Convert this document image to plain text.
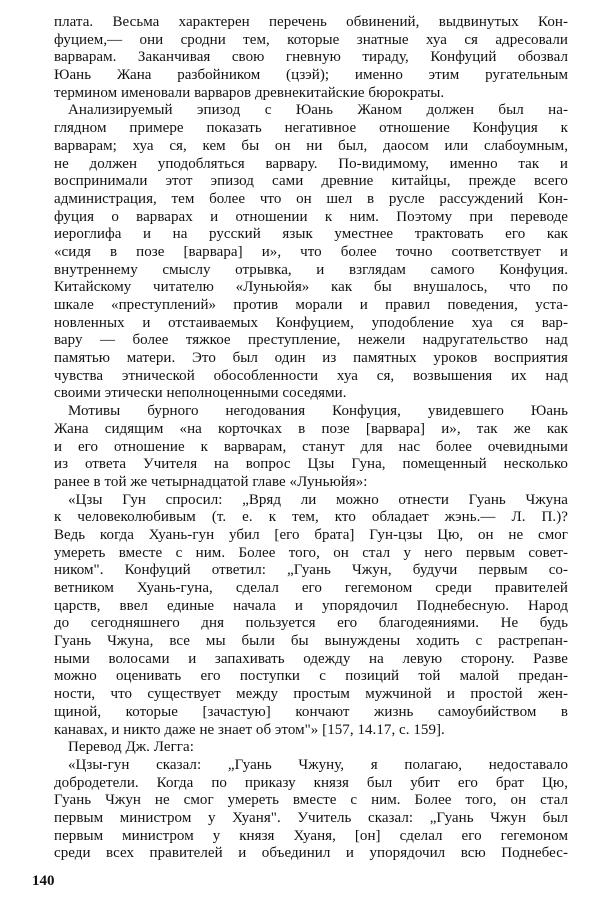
плата. Весьма характерен перечень обвинений, выдвинутых Кон-
фуцием,— они сродни тем, которые знатные хуа ся адресовали
варварам. Заканчивая свою гневную тираду, Конфуций обозвал
Юань Жана разбойником (цзэй); именно этим ругательным
термином именовали варваров древнекитайские бюрократы.
Анализируемый эпизод с Юань Жаном должен был на-
глядном примере показать негативное отношение Конфуция к
варварам; хуа ся, кем бы он ни был, даосом или слабоумным,
не должен уподобляться варвару. По-видимому, именно так и
воспринимали этот эпизод сами древние китайцы, прежде всего
администрация, тем более что он шел в русле рассуждений Кон-
фуция о варварах и отношении к ним. Поэтому при переводе
иероглифа и на русский язык уместнее трактовать его как
«сидя в позе [варвара] и», что более точно соответствует и
внутреннему смыслу отрывка, и взглядам самого Конфуция.
Китайскому читателю «Луньюйя» как бы внушалось, что по
шкале «преступлений» против морали и правил поведения, уста-
новленных и отстаиваемых Конфуцием, уподобление хуа ся вар-
вару — более тяжкое преступление, нежели надругательство над
памятью матери. Это был один из памятных уроков восприятия
чувства этнической обособленности хуа ся, возвышения их над
своими этически неполноценными соседями.
Мотивы бурного негодования Конфуция, увидевшего Юань
Жана сидящим «на корточках в позе [варвара] и», так же как
и его отношение к варварам, станут для нас более очевидными
из ответа Учителя на вопрос Цзы Гуна, помещенный несколько
ранее в той же четырнадцатой главе «Луньюйя»:
«Цзы Гун спросил: „Вряд ли можно отнести Гуань Чжуна
к человеколюбивым (т. е. к тем, кто обладает жэнь.— Л. П.)?
Ведь когда Хуань-гун убил [его брата] Гун-цзы Цю, он не смог
умереть вместе с ним. Более того, он стал у него первым совет-
ником". Конфуций ответил: „Гуань Чжун, будучи первым со-
ветником Хуань-гуна, сделал его гегемоном среди правителей
царств, ввел единые начала и упорядочил Поднебесную. Народ
до сегодняшнего дня пользуется его благодеяниями. Не будь
Гуань Чжуна, все мы были бы вынуждены ходить с растрепан-
ными волосами и запахивать одежду на левую сторону. Разве
можно оценивать его поступки с позиций той малой предан-
ности, что существует между простым мужчиной и простой жен-
щиной, которые [зачастую] кончают жизнь самоубийством в
канавах, и никто даже не знает об этом"» [157, 14.17, с. 159].
Перевод Дж. Легга:
«Цзы-гун сказал: „Гуань Чжуну, я полагаю, недоставало
добродетели. Когда по приказу князя был убит его брат Цю,
Гуань Чжун не смог умереть вместе с ним. Более того, он стал
первым министром у Хуаня". Учитель сказал: „Гуань Чжун был
первым министром у князя Хуаня, [он] сделал его гегемоном
среди всех правителей и объединил и упорядочил всю Поднебес-
140
